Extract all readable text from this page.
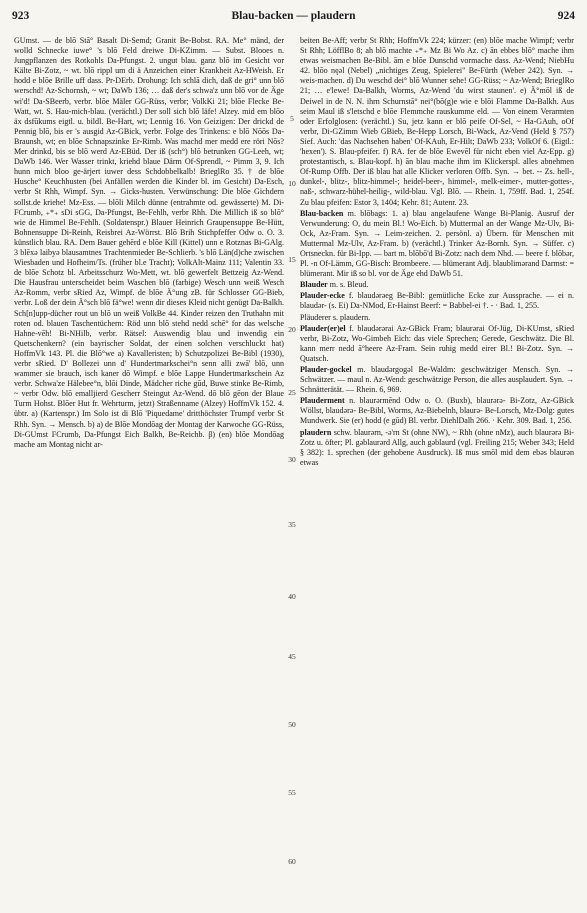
923	Blau-backen — plaudern	924

GUmst. — de blō Stā° Basalt Di-Semd; Granit Be-Bobst. RA. Me° mänd, der wolld Schnecke iuwe° 's blō Feld dreiwe Di-KZimm. — Subst. Blooes n. Jungpflanzen des Rotkohls Da-Pfungst. 2. ungut blau. ganz blō im Gesicht vor Kälte Bi-Zotz, ~ wt. blō rippl um di ä Anzeichen einer Krankheit Az-HWeish. Er hodd e blōe Brille uff dass. Pr-DErb. Drohung: Ich schlā dich, daß de gri° unn blō werschd! Az-Schornsh, ~ wt; DaWb 136; … daß der's schwa'z unn blō vor de Äge wi'd! Da-SBeerb, verbr. blōe Mäler GG-Rüss, verbr; VolkKi 21; blōe Flecke Be-Watt, wt. S. Hau-mich-blau. (verächtl.) Der soll sich blō läfe! Alzey. mid em blōo äx dsfūkums eigtl. u. bildl. Be-Hart, wt; Lennig 16. Von Geizigen: Der drickd de Pennig blō, bis er 's ausgid Az-GBick, verbr. Folge des Trinkens: e blō Nōōs Da-Braunsh, wt; en blōe Schnapszinke Er-Rimb. Was machd mer medd ere röri Nōs? Mer drinkd, bis se blō werd Az-EBüd. Der iß (sch°) blō betrunken GG-Leeh, wt; DaWb 146. Wer Wasser trinkt, kriehd blaue Därm Of-Sprendl, ~ Pimm 3, 9. Ich hunn mich bloo ge-ärjert iuwer dess Schdobbelkalb! BrieglRo 35. † de blōe Husche° Keuchhusten (bei Anfällen werden die Kinder bl. im Gesicht) Da-Esch, verbr St Rhh, Wimpf. Syn. → Gicks-husten. Verwünschung: Die blōe Gichdern sollst.de kriehe! Mz-Ess. — blōli Milch dünne (entrahmte od. gewässerte) M. Di-FCrumb, ₊*₊ sDi sGG, Da-Pfungst, Be-Fehlh, verbr Rhh. Die Millich iß so blō° wie de Himmel Be-Fehlh. (Soldatenspr.) Blauer Heinrich Graupensuppe Be-Hütt, Bohnensuppe Di-Reinh, Reisbrei Az-Wörrst. Blō Brih Stichpfeffer Odw o. O. 3. künstlich blau. RA. Dem Bauer gehērd e blōe Kill (Kittel) unn e Rotznas Bi-GAlg. 3 blēxə laibyə blausamtnes Trachtenmieder Be-Schlierb. 's blō Län(d)che zwischen Wiesbaden und Hofheim/Ts. (früher bl.e Tracht); VolkAlt-Mainz 111; Valentin 33. de blōe Schotz bl. Arbeitsschurz Wo-Mett, wt. blō gewerfelt Bettzeig Az-Wend. Die Hausfrau unterscheidet beim Waschen blō (farbige) Wesch unn weiß Wesch Az-Romm, verbr sRied Az, Wimpf. de blōe Ä°ung zB. für Schlosser GG-Bieb, verbr. Loß der dein Ä°sch blō fä°we! wenn dir dieses Kleid nicht genügt Da-Balkh. Sch[n]upp-dücher rout un blō un weiß VolkBe 44. Kinder reizen den Truthahn mit roten od. blauen Taschentüchern: Röd unn blō stehd nedd schē° for das welsche Hahne-vēh! Bi-NHilb, verbr. Rätsel: Auswendig blau und inwendig ein Quetschenkern? (ein bayrischer Soldat, der einen solchen verschluckt hat) HoffmVk 143. Pl. die Blō°we a) Kavalleristen; b) Schutzpolizei Be-Bibl (1930), verbr sRied. D' Bollezei unn d' Hundertmarkschei°n senn alli zwā' blō, unn wammer sie brauch, isch kaner dō Wimpf. e blōe Lappe Hundertmarkschein Az verbr. Schwa'ze Hälebee°n, blōi Dinde, Mädcher riche gūd, Buwe stinke Be-Rimb, ~ verbr Odw. blō emalljierd Gescherr Steingut Az-Wend. dō blō gēon der Blaue Turm Hohst. Blōer Hut fr. Wehrturm, jetzt) Straßenname (Alzey) HoffmVk 152. 4. übtr. a) (Kartenspr.) Im Solo ist di Blō 'Piquedame' dritthöchster Trumpf verbr St Rhh. Syn. → Mensch. b) a) de Blōe Mondōag der Montag der Karwoche GG-Rüss, Di-GUmst FCrumb, Da-Pfungst Eich Balkh, Be-Reichb. β) (en) blōe Mondōag mache am Montag nicht ar-

5
10
15
20
25
30
35
40
45
50
55
60

beiten Be-Aff; verbr St Rhh; HoffmVk 224; kürzer: (en) blōe mache Wimpf; verbr St Rhh; LöfflBo 8; ah blō machte ₊*₊ Mz Bi Wo Az. c) ān ebbes blō° mache ihm etwas weismachen Be-Bibl. ām e blōe Dunschd vormache dass. Az-Wend; NiebHu 42. blōo nęəl (Nebel) „nichtiges Zeug, Spielerei" Be-Fürth (Weber 242). Syn. → weis-machen. d) Du weschd dei° blō Wunner sehe! GG-Rüss; ~ Az-Wend; BrieglRo 21; … e'lewe! Da-Balkh, Worms, Az-Wend 'du wirst staunen'. e) Ä°mōl iß de Deiwel in de N. N. ihrn Schurnstā° nei°(bō(g)e wie e blōi Flamme Da-Balkh. Aus seim Maul iß s'letschd e blōe Flemmche rauskumme eld. — Von einem Verarmten oder Erfolglosen: (verächtl.) Su, jetz kann er blō peife Of-Sel, ~ Ha-GAuh, oOf verbr, Di-GZimm Wieb GBieb, Be-Hepp Lorsch, Bi-Wack, Az-Vend (Held § 757) Sief. Auch: 'das Nachsehen haben' Of-KAuh, Er-Hilt; DaWb 233; VolkOf 6. (Eigtl.: 'hexen'). S. Blau-pfeifer. f) RA. fer de blōe Ewevēl für nicht eben viel Az-Epp. g) protestantisch, s. Blau-kopf. h) ān blau mache ihm im Klickerspl. alles abnehmen Of-Rump Offb. Der iß blau hat alle Klicker verloren Offb. Syn. → bet. -- Zs. hell-, dunkel-, blitz-, blitz-himmel-; heidel-beer-, himmel-, melk-eimer-, mutter-gottes-, naß-, schwarz-hühel-heilig-, wild-blau. Vgl. Blō. — Rhein. 1, 759ff. Bad. 1, 254f. Zu blau pfeifen: Estor 3, 1404; Kehr. 81; Autenr. 23.

Blau-backen m. blōbags: 1. a) blau angelaufene Wange Bi-Planig. Ausruf der Verwunderung: O, du mein Bl.! Wo-Eich. b) Muttermal an der Wange Mz-Ulv, Bi-Ock, Az-Fram. Syn. → Leim-zeichen. 2. persönl. a) Übern. für Menschen mit Muttermal Mz-Ulv, Az-Fram. b) (verächtl.) Trinker Az-Bornh. Syn. → Süffer. c) Ortsneckn. für Bi-Ipp. — bart m. blōbō'd Bi-Zotz: nach dem Nhd. — beere f. blōbər, Pl. -n Of-Lämm, GG-Bisch: Brombeere. — blümerant Adj. blaublimərand Darmst: = blümerant. Mir iß so bl. vor de Äge ehd DaWb 51.

Blauder m. s. Bleud.

Plauder-ecke f. blaudərəeg Be-Bibl: gemütliche Ecke zur Aussprache. — ei n. blaudər- (s. Ei) Da-NMod, Er-Hainst Beerf: = Babbel-ei †. - · Bad. 1, 255.

Pläuderer s. plaudern.

Plauder(er)el f. blaudərərai Az-GBick Fram; blaurərai Of-Jüg, Di-KUmst, sRied verbr, Bi-Zotz, Wo-Gimbeh Eich: das viele Sprechen; Gerede, Geschwätz. Die Bl. kann merr nedd ā°heere Az-Fram. Sein ruhig medd eirer Bl.! Bi-Zotz. Syn. → Quatsch.

Plauder-gockel m. blaudərgogəl Be-Waldm: geschwätziger Mensch. Syn. → Schwätzer. — maul n. Az-Wend: geschwätzige Person, die alles ausplaudert. Syn. → Schnätterätät. — Rhein. 6, 969.

Plauderment n. blaurərmēnd Odw o. O. (Buxb), blaurərə- Bi-Zotz, Az-GBick Wöllst, blaudərə- Be-Bibl, Worms, Az-Biebelnh, blaurə- Be-Lorsch, Mz-Dolg: gutes Mundwerk. Sie (er) hodd (e gūd) Bl. verbr. DiehlDalh 266. · Kehr. 309. Bad. 1, 256.

plaudern schw. blaurərn, -ə'rn St (ohne NW), ~ Rhh (ohne nMz), auch blaurərə Bi-Zotz u. öfter; Pl. gəblaurərd Allg, auch gəblaurd (vgl. Freiling 215; Weber 343; Held § 382): 1. sprechen (der gehobene Ausdruck). Iß mus smōl mid dem ebəs blaurən etwas
